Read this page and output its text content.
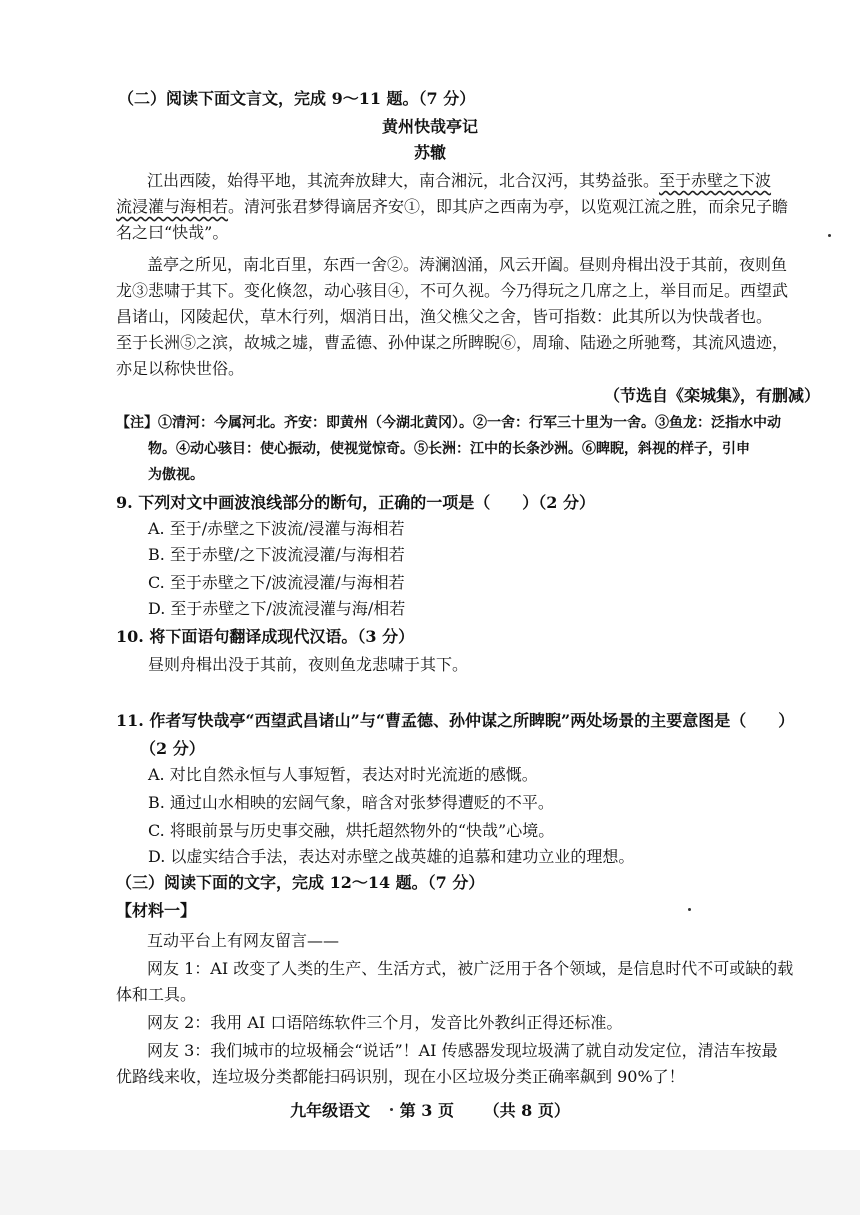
（二）阅读下面文言文，完成 9～11 题。（7 分）
黄州快哉亭记
苏辙
江出西陵，始得平地，其流奔放肆大，南合湘沅，北合汉沔，其势益张。至于赤壁之下波
流浸灌与海相若。清河张君梦得谪居齐安①，即其庐之西南为亭，以览观江流之胜，而余兄子瞻
名之曰“快哉”。
盖亭之所见，南北百里，东西一舍②。涛澜汹涌，风云开阖。昼则舟楫出没于其前，夜则鱼
龙③悲啸于其下。变化倏忽，动心骇目④，不可久视。今乃得玩之几席之上，举目而足。西望武
昌诸山，冈陵起伏，草木行列，烟消日出，渔父樵父之舍，皆可指数：此其所以为快哉者也。
至于长洲⑤之滨，故城之墟，曹孟德、孙仲谋之所睥睨⑥，周瑜、陆逊之所驰骛，其流风遗迹，
亦足以称快世俗。
（节选自《栾城集》，有删减）
【注】①清河：今属河北。齐安：即黄州（今湖北黄冈）。②一舍：行军三十里为一舍。③鱼龙：泛指水中动
物。④动心骇目：使心振动，使视觉惊奇。⑤长洲：江中的长条沙洲。⑥睥睨，斜视的样子，引申
为傲视。
9. 下列对文中画波浪线部分的断句，正确的一项是（　　）（2 分）
A. 至于/赤壁之下波流/浸灌与海相若
B. 至于赤壁/之下波流浸灌/与海相若
C. 至于赤壁之下/波流浸灌/与海相若
D. 至于赤壁之下/波流浸灌与海/相若
10. 将下面语句翻译成现代汉语。（3 分）
昼则舟楫出没于其前，夜则鱼龙悲啸于其下。
11. 作者写快哉亭“西望武昌诸山”与“曹孟德、孙仲谋之所睥睨”两处场景的主要意图是（　　）
（2 分）
A. 对比自然永恒与人事短暂，表达对时光流逝的感慨。
B. 通过山水相映的宏阔气象，暗含对张梦得遭贬的不平。
C. 将眼前景与历史事交融，烘托超然物外的“快哉”心境。
D. 以虚实结合手法，表达对赤壁之战英雄的追慕和建功立业的理想。
（三）阅读下面的文字，完成 12～14 题。（7 分）
【材料一】
互动平台上有网友留言——
网友 1：AI 改变了人类的生产、生活方式，被广泛用于各个领域，是信息时代不可或缺的载
体和工具。
网友 2：我用 AI 口语陪练软件三个月，发音比外教纠正得还标准。
网友 3：我们城市的垃圾桶会“说话”！AI 传感器发现垃圾满了就自动发定位，清洁车按最
优路线来收，连垃圾分类都能扫码识别，现在小区垃圾分类正确率飙到 90%了！
九年级语文 第 3 页 （共 8 页）
